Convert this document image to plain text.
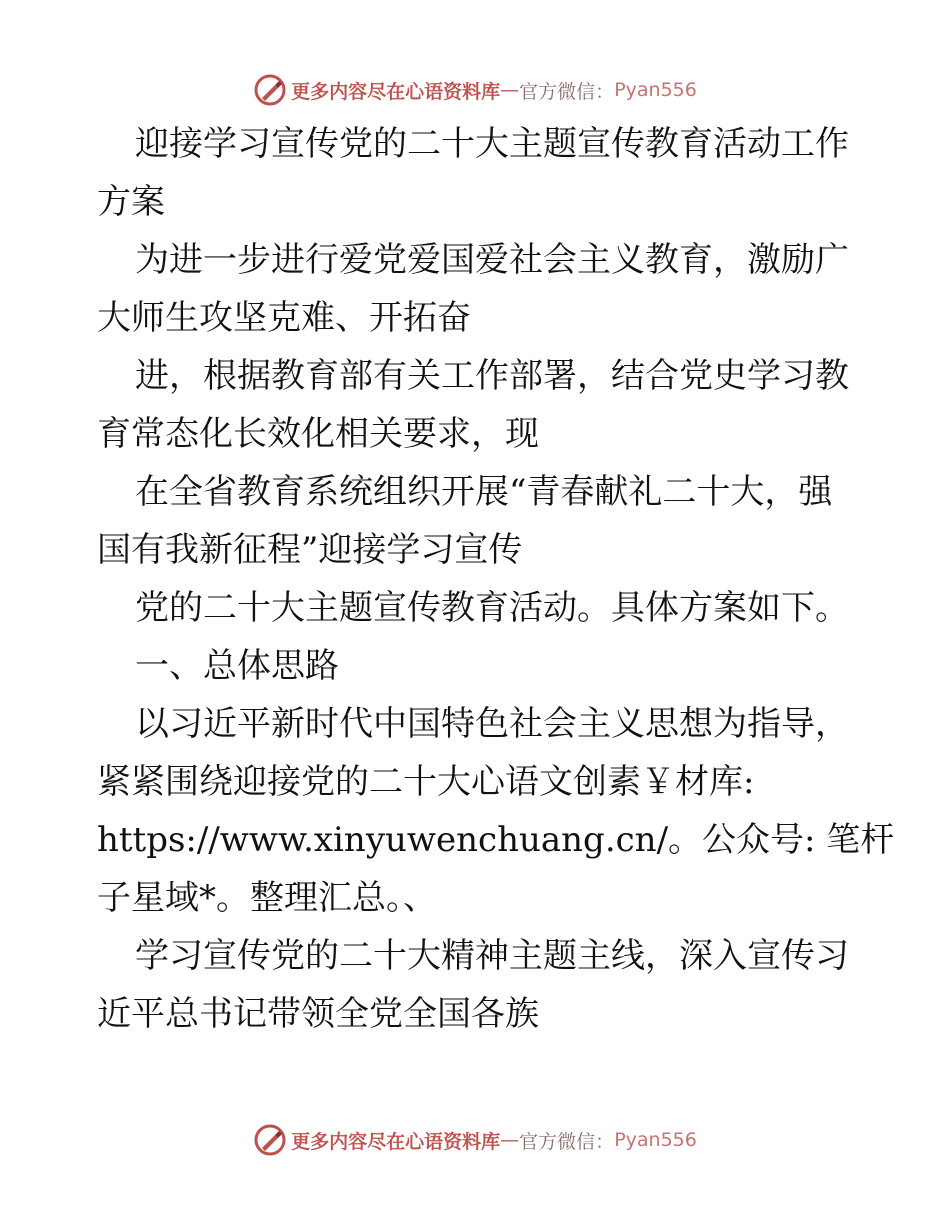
更多内容尽在心语资料库 — 官方微信： Pyan556
迎接学习宣传党的二十大主题宣传教育活动工作
方案
为进一步进行爱党爱国爱社会主义教育，激励广
大师生攻坚克难、开拓奋
进，根据教育部有关工作部署，结合党史学习教
育常态化长效化相关要求，现
在全省教育系统组织开展“青春献礼二十大，强
国有我新征程”迎接学习宣传
党的二十大主题宣传教育活动。具体方案如下。
一、总体思路
以习近平新时代中国特色社会主义思想为指导，
紧紧围绕迎接党的二十大心语文创素￥材库:
https://www.xinyuwenchuang.cn/。公众号: 笔杆
子星域*。整理汇总。、
学习宣传党的二十大精神主题主线，深入宣传习
近平总书记带领全党全国各族
更多内容尽在心语资料库 — 官方微信： Pyan556
